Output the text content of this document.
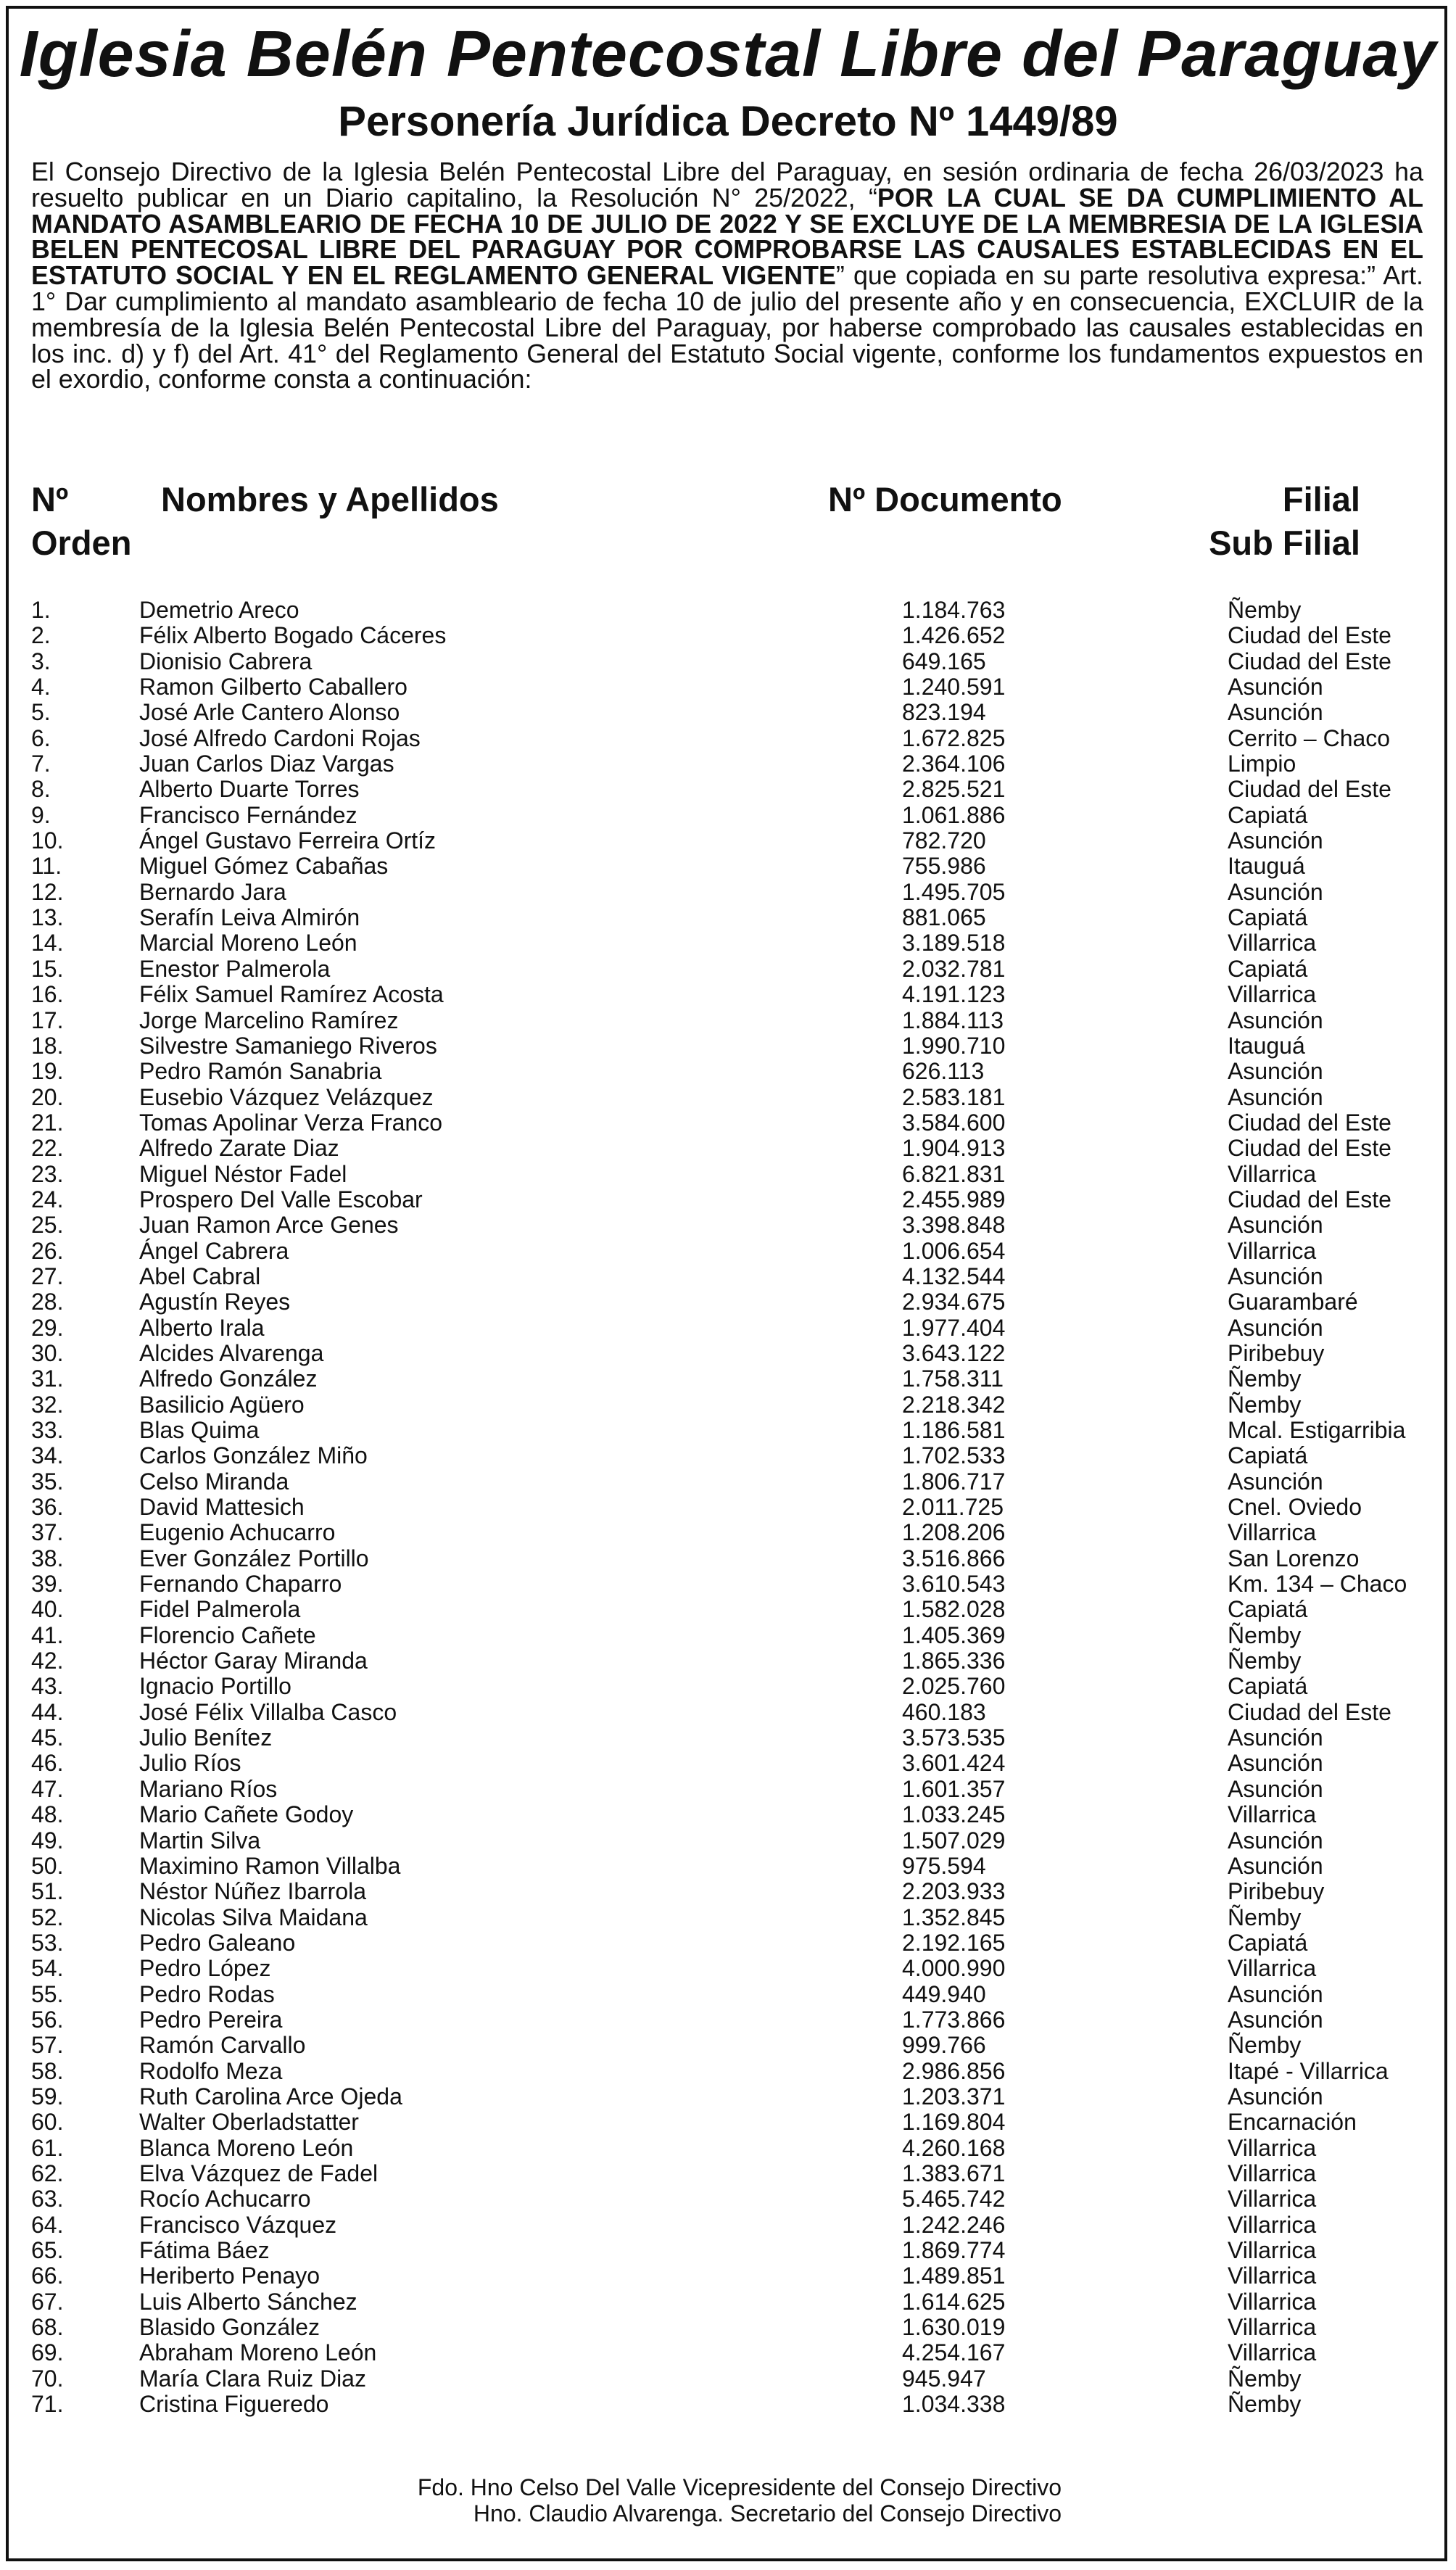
Iglesia Belén Pentecostal Libre del Paraguay
Personería Jurídica Decreto Nº 1449/89

El Consejo Directivo de la Iglesia Belén Pentecostal Libre del Paraguay, en sesión ordinaria de fecha 26/03/2023 ha resuelto publicar en un Diario capitalino, la Resolución N° 25/2022, “POR LA CUAL SE DA CUMPLIMIENTO AL MANDATO ASAMBLEARIO DE FECHA 10 DE JULIO DE 2022 Y SE EXCLUYE DE LA MEMBRESIA DE LA IGLESIA BELEN PENTECOSAL LIBRE DEL PARAGUAY POR COMPROBARSE LAS CAUSALES ESTABLECIDAS EN EL ESTATUTO SOCIAL Y EN EL REGLAMENTO GENERAL VIGENTE” que copiada en su parte resolutiva expresa:” Art. 1° Dar cumplimiento al mandato asambleario de fecha 10 de julio del presente año y en consecuencia, EXCLUIR de la membresía de la Iglesia Belén Pentecostal Libre del Paraguay, por haberse comprobado las causales establecidas en los inc. d) y f) del Art. 41° del Reglamento General del Estatuto Social vigente, conforme los fundamentos expuestos en el exordio, conforme consta a continuación:

Nº
Orden
Nombres y Apellidos	Nº Documento	Filial
Sub Filial
1.	Demetrio Areco	1.184.763	Ñemby
2.	Félix Alberto Bogado Cáceres	1.426.652	Ciudad del Este
3.	Dionisio Cabrera	649.165	Ciudad del Este
4.	Ramon Gilberto Caballero	1.240.591	Asunción
5.	José Arle Cantero Alonso	823.194	Asunción
6.	José Alfredo Cardoni Rojas	1.672.825	Cerrito – Chaco
7.	Juan Carlos Diaz Vargas	2.364.106	Limpio
8.	Alberto Duarte Torres	2.825.521	Ciudad del Este
9.	Francisco Fernández	1.061.886	Capiatá
10.	Ángel Gustavo Ferreira Ortíz	782.720	Asunción
11.	Miguel Gómez Cabañas	755.986	Itauguá
12.	Bernardo Jara	1.495.705	Asunción
13.	Serafín Leiva Almirón	881.065	Capiatá
14.	Marcial Moreno León	3.189.518	Villarrica
15.	Enestor Palmerola	2.032.781	Capiatá
16.	Félix Samuel Ramírez Acosta	4.191.123	Villarrica
17.	Jorge Marcelino Ramírez	1.884.113	Asunción
18.	Silvestre Samaniego Riveros	1.990.710	Itauguá
19.	Pedro Ramón Sanabria	626.113	Asunción
20.	Eusebio Vázquez Velázquez	2.583.181	Asunción
21.	Tomas Apolinar Verza Franco	3.584.600	Ciudad del Este
22.	Alfredo Zarate Diaz	1.904.913	Ciudad del Este
23.	Miguel Néstor Fadel	6.821.831	Villarrica
24.	Prospero Del Valle Escobar	2.455.989	Ciudad del Este
25.	Juan Ramon Arce Genes	3.398.848	Asunción
26.	Ángel Cabrera	1.006.654	Villarrica
27.	Abel Cabral	4.132.544	Asunción
28.	Agustín Reyes	2.934.675	Guarambaré
29.	Alberto Irala	1.977.404	Asunción
30.	Alcides Alvarenga	3.643.122	Piribebuy
31.	Alfredo González	1.758.311	Ñemby
32.	Basilicio Agüero	2.218.342	Ñemby
33.	Blas Quima	1.186.581	Mcal. Estigarribia
34.	Carlos González Miño	1.702.533	Capiatá
35.	Celso Miranda	1.806.717	Asunción
36.	David Mattesich	2.011.725	Cnel. Oviedo
37.	Eugenio Achucarro	1.208.206	Villarrica
38.	Ever González Portillo	3.516.866	San Lorenzo
39.	Fernando Chaparro	3.610.543	Km. 134 – Chaco
40.	Fidel Palmerola	1.582.028	Capiatá
41.	Florencio Cañete	1.405.369	Ñemby
42.	Héctor Garay Miranda	1.865.336	Ñemby
43.	Ignacio Portillo	2.025.760	Capiatá
44.	José Félix Villalba Casco	460.183	Ciudad del Este
45.	Julio Benítez	3.573.535	Asunción
46.	Julio Ríos	3.601.424	Asunción
47.	Mariano Ríos	1.601.357	Asunción
48.	Mario Cañete Godoy	1.033.245	Villarrica
49.	Martin Silva	1.507.029	Asunción
50.	Maximino Ramon Villalba	975.594	Asunción
51.	Néstor Núñez Ibarrola	2.203.933	Piribebuy
52.	Nicolas Silva Maidana	1.352.845	Ñemby
53.	Pedro Galeano	2.192.165	Capiatá
54.	Pedro López	4.000.990	Villarrica
55.	Pedro Rodas	449.940	Asunción
56.	Pedro Pereira	1.773.866	Asunción
57.	Ramón Carvallo	999.766	Ñemby
58.	Rodolfo Meza	2.986.856	Itapé - Villarrica
59.	Ruth Carolina Arce Ojeda	1.203.371	Asunción
60.	Walter Oberladstatter	1.169.804	Encarnación
61.	Blanca Moreno León	4.260.168	Villarrica
62.	Elva Vázquez de Fadel	1.383.671	Villarrica
63.	Rocío Achucarro	5.465.742	Villarrica
64.	Francisco Vázquez	1.242.246	Villarrica
65.	Fátima Báez	1.869.774	Villarrica
66.	Heriberto Penayo	1.489.851	Villarrica
67.	Luis Alberto Sánchez	1.614.625	Villarrica
68.	Blasido González	1.630.019	Villarrica
69.	Abraham Moreno León	4.254.167	Villarrica
70.	María Clara Ruiz Diaz	945.947	Ñemby
71.	Cristina Figueredo	1.034.338	Ñemby
Fdo. Hno Celso Del Valle Vicepresidente del Consejo Directivo
Hno. Claudio Alvarenga. Secretario del Consejo Directivo
